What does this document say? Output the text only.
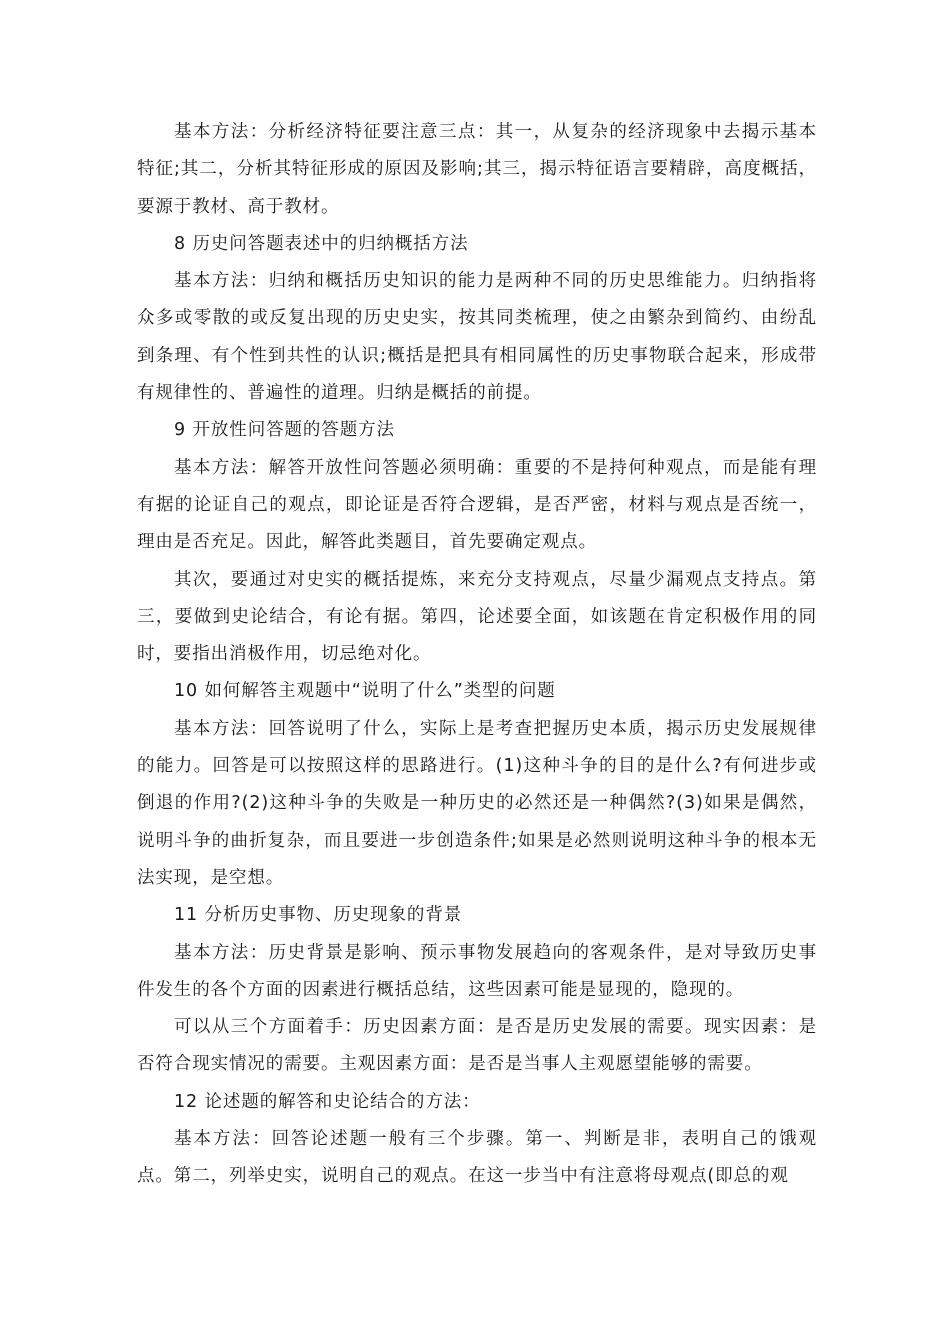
基本方法：分析经济特征要注意三点：其一，从复杂的经济现象中去揭示基本特征;其二，分析其特征形成的原因及影响;其三，揭示特征语言要精辟，高度概括，要源于教材、高于教材。

8 历史问答题表述中的归纳概括方法

基本方法：归纳和概括历史知识的能力是两种不同的历史思维能力。归纳指将众多或零散的或反复出现的历史史实，按其同类梳理，使之由繁杂到简约、由纷乱到条理、有个性到共性的认识;概括是把具有相同属性的历史事物联合起来，形成带有规律性的、普遍性的道理。归纳是概括的前提。

9 开放性问答题的答题方法

基本方法：解答开放性问答题必须明确：重要的不是持何种观点，而是能有理有据的论证自己的观点，即论证是否符合逻辑，是否严密，材料与观点是否统一，理由是否充足。因此，解答此类题目，首先要确定观点。

其次，要通过对史实的概括提炼，来充分支持观点，尽量少漏观点支持点。第三，要做到史论结合，有论有据。第四，论述要全面，如该题在肯定积极作用的同时，要指出消极作用，切忌绝对化。

10 如何解答主观题中“说明了什么”类型的问题

基本方法：回答说明了什么，实际上是考查把握历史本质，揭示历史发展规律的能力。回答是可以按照这样的思路进行。(1)这种斗争的目的是什么?有何进步或倒退的作用?(2)这种斗争的失败是一种历史的必然还是一种偶然?(3)如果是偶然，说明斗争的曲折复杂，而且要进一步创造条件;如果是必然则说明这种斗争的根本无法实现，是空想。

11 分析历史事物、历史现象的背景

基本方法：历史背景是影响、预示事物发展趋向的客观条件，是对导致历史事件发生的各个方面的因素进行概括总结，这些因素可能是显现的，隐现的。

可以从三个方面着手：历史因素方面：是否是历史发展的需要。现实因素：是否符合现实情况的需要。主观因素方面：是否是当事人主观愿望能够的需要。

12 论述题的解答和史论结合的方法：

基本方法：回答论述题一般有三个步骤。第一、判断是非，表明自己的饿观点。第二，列举史实，说明自己的观点。在这一步当中有注意将母观点(即总的观
